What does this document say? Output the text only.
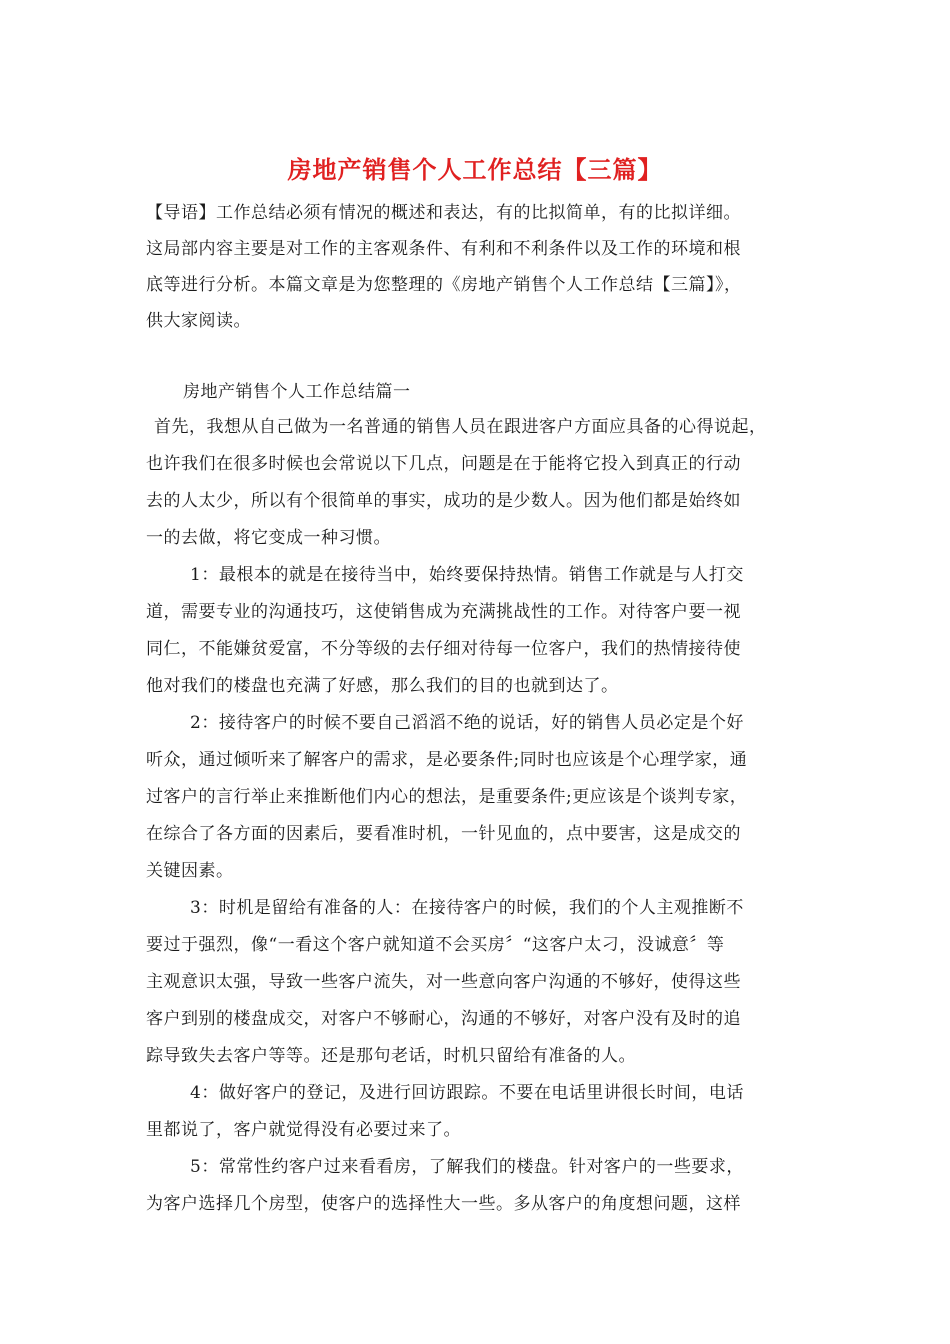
房地产销售个人工作总结【三篇】
【导语】工作总结必须有情况的概述和表达，有的比拟简单，有的比拟详细。
这局部内容主要是对工作的主客观条件、有利和不利条件以及工作的环境和根
底等进行分析。本篇文章是为您整理的《房地产销售个人工作总结【三篇】》，
供大家阅读。
房地产销售个人工作总结篇一
首先，我想从自己做为一名普通的销售人员在跟进客户方面应具备的心得说起，
也许我们在很多时候也会常说以下几点，问题是在于能将它投入到真正的行动
去的人太少，所以有个很简单的事实，成功的是少数人。因为他们都是始终如
一的去做，将它变成一种习惯。
1：最根本的就是在接待当中，始终要保持热情。销售工作就是与人打交
道，需要专业的沟通技巧，这使销售成为充满挑战性的工作。对待客户要一视
同仁，不能嫌贫爱富，不分等级的去仔细对待每一位客户，我们的热情接待使
他对我们的楼盘也充满了好感，那么我们的目的也就到达了。
2：接待客户的时候不要自己滔滔不绝的说话，好的销售人员必定是个好
听众，通过倾听来了解客户的需求，是必要条件;同时也应该是个心理学家，通
过客户的言行举止来推断他们内心的想法，是重要条件;更应该是个谈判专家，
在综合了各方面的因素后，要看准时机，一针见血的，点中要害，这是成交的
关键因素。
3：时机是留给有准备的人：在接待客户的时候，我们的个人主观推断不
要过于强烈，像“一看这个客户就知道不会买房〞“这客户太刁，没诚意〞等
主观意识太强，导致一些客户流失，对一些意向客户沟通的不够好，使得这些
客户到别的楼盘成交，对客户不够耐心，沟通的不够好，对客户没有及时的追
踪导致失去客户等等。还是那句老话，时机只留给有准备的人。
4：做好客户的登记，及进行回访跟踪。不要在电话里讲很长时间，电话
里都说了，客户就觉得没有必要过来了。
5：常常性约客户过来看看房，了解我们的楼盘。针对客户的一些要求，
为客户选择几个房型，使客户的选择性大一些。多从客户的角度想问题，这样
